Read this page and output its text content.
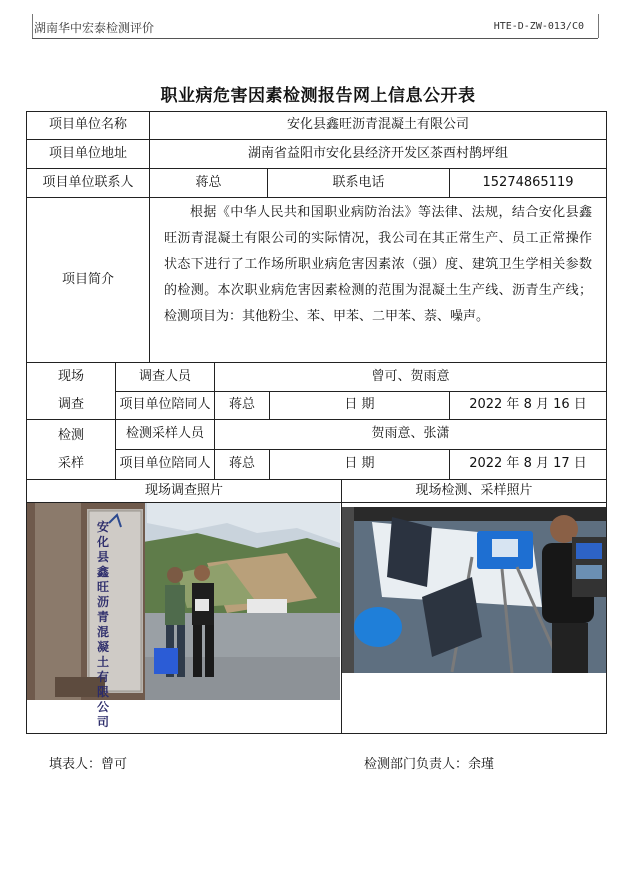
湖南华中宏泰检测评价	HTE-D-ZW-013/C0
职业病危害因素检测报告网上信息公开表
项目单位名称	安化县鑫旺沥青混凝土有限公司
项目单位地址	湖南省益阳市安化县经济开发区茶酉村鹊坪组
项目单位联系人	蒋总	联系电话	15274865119
项目简介
根据《中华人民共和国职业病防治法》等法律、法规，结合安化县鑫旺沥青混凝土有限公司的实际情况，我公司在其正常生产、员工正常操作状态下进行了工作场所职业病危害因素浓（强）度、建筑卫生学相关参数的检测。本次职业病危害因素检测的范围为混凝土生产线、沥青生产线；检测项目为：其他粉尘、苯、甲苯、二甲苯、萘、噪声。
现场
调查
调查人员	曾可、贺雨意
项目单位陪同人	蒋总	日 期	2022 年 8 月 16 日
检测
采样
检测采样人员	贺雨意、张潇
项目单位陪同人	蒋总	日 期	2022 年 8 月 17 日
现场调查照片	现场检测、采样照片
安化县鑫旺沥青混凝土有限公司
填表人：曾可	检测部门负责人：余瑾
